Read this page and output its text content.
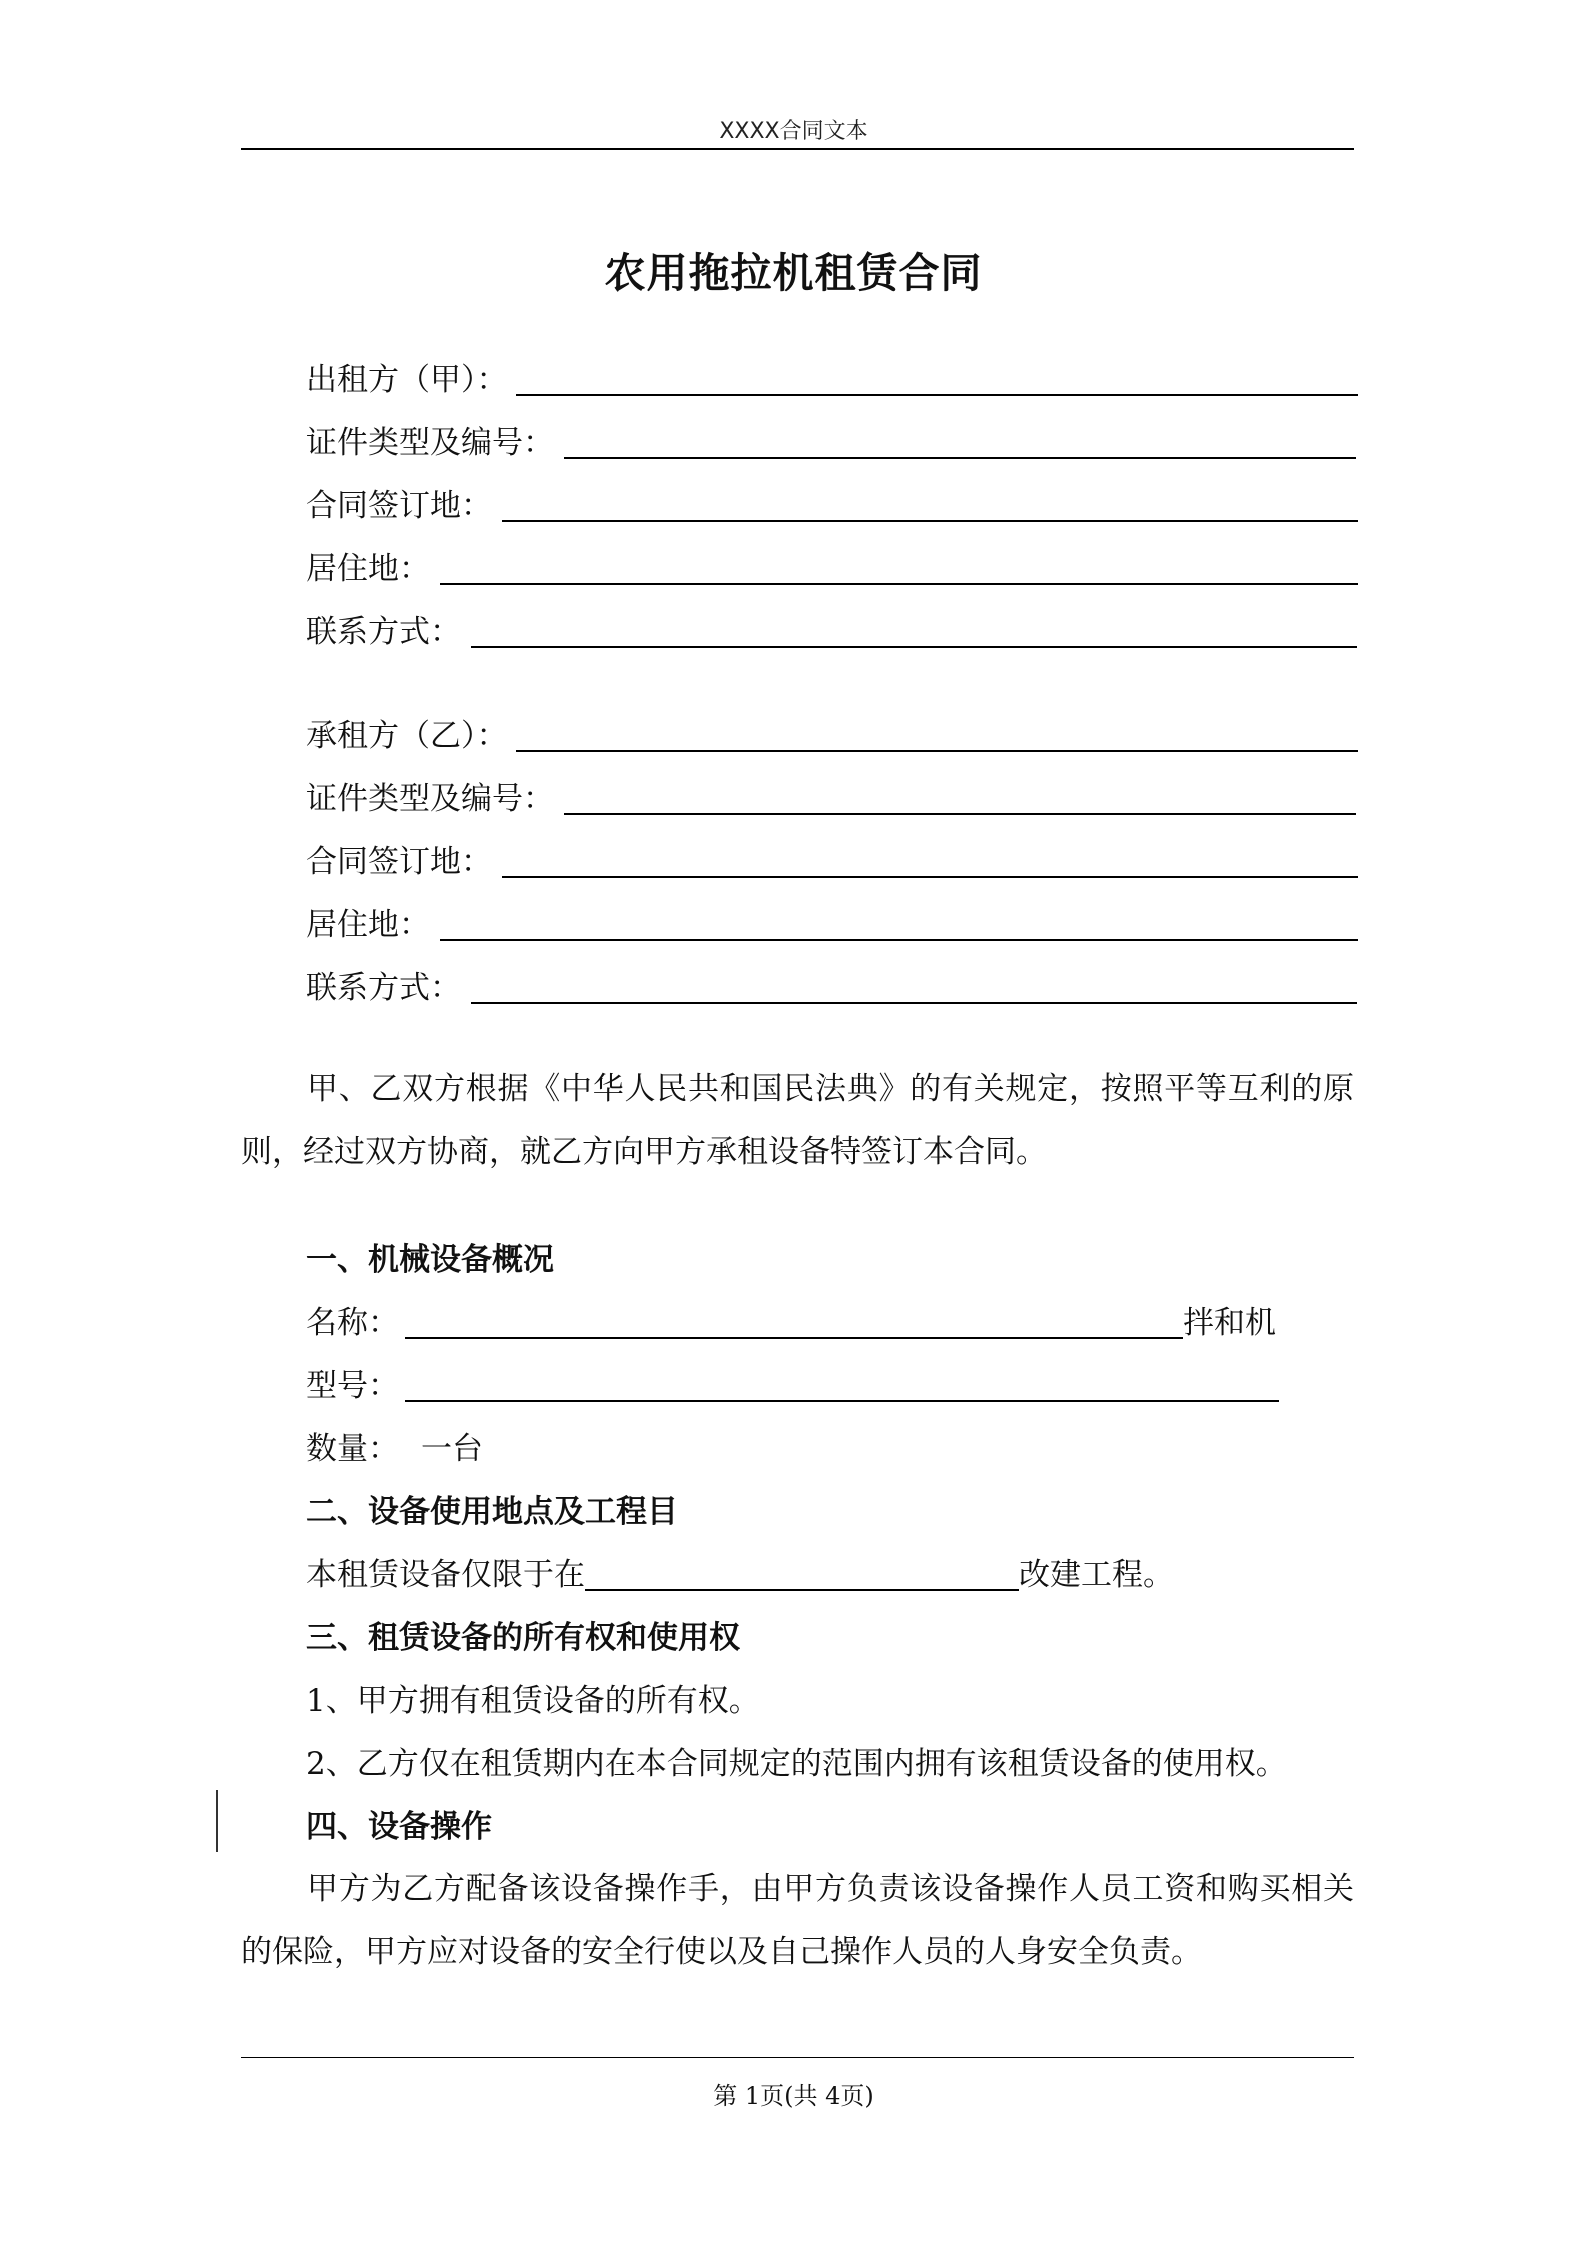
XXXX合同文本
农用拖拉机租赁合同
出租方（甲）：
证件类型及编号：
合同签订地：
居住地：
联系方式：
承租方（乙）：
证件类型及编号：
合同签订地：
居住地：
联系方式：
甲、乙双方根据《中华人民共和国民法典》的有关规定，按照平等互利的原则，经过双方协商，就乙方向甲方承租设备特签订本合同。
一、机械设备概况
名称：	拌和机
型号：
数量： 一台
二、设备使用地点及工程目
本租赁设备仅限于在	改建工程。
三、租赁设备的所有权和使用权
1、甲方拥有租赁设备的所有权。
2、乙方仅在租赁期内在本合同规定的范围内拥有该租赁设备的使用权。
四、设备操作
甲方为乙方配备该设备操作手，由甲方负责该设备操作人员工资和购买相关的保险，甲方应对设备的安全行使以及自己操作人员的人身安全负责。
第 1页(共 4页)
